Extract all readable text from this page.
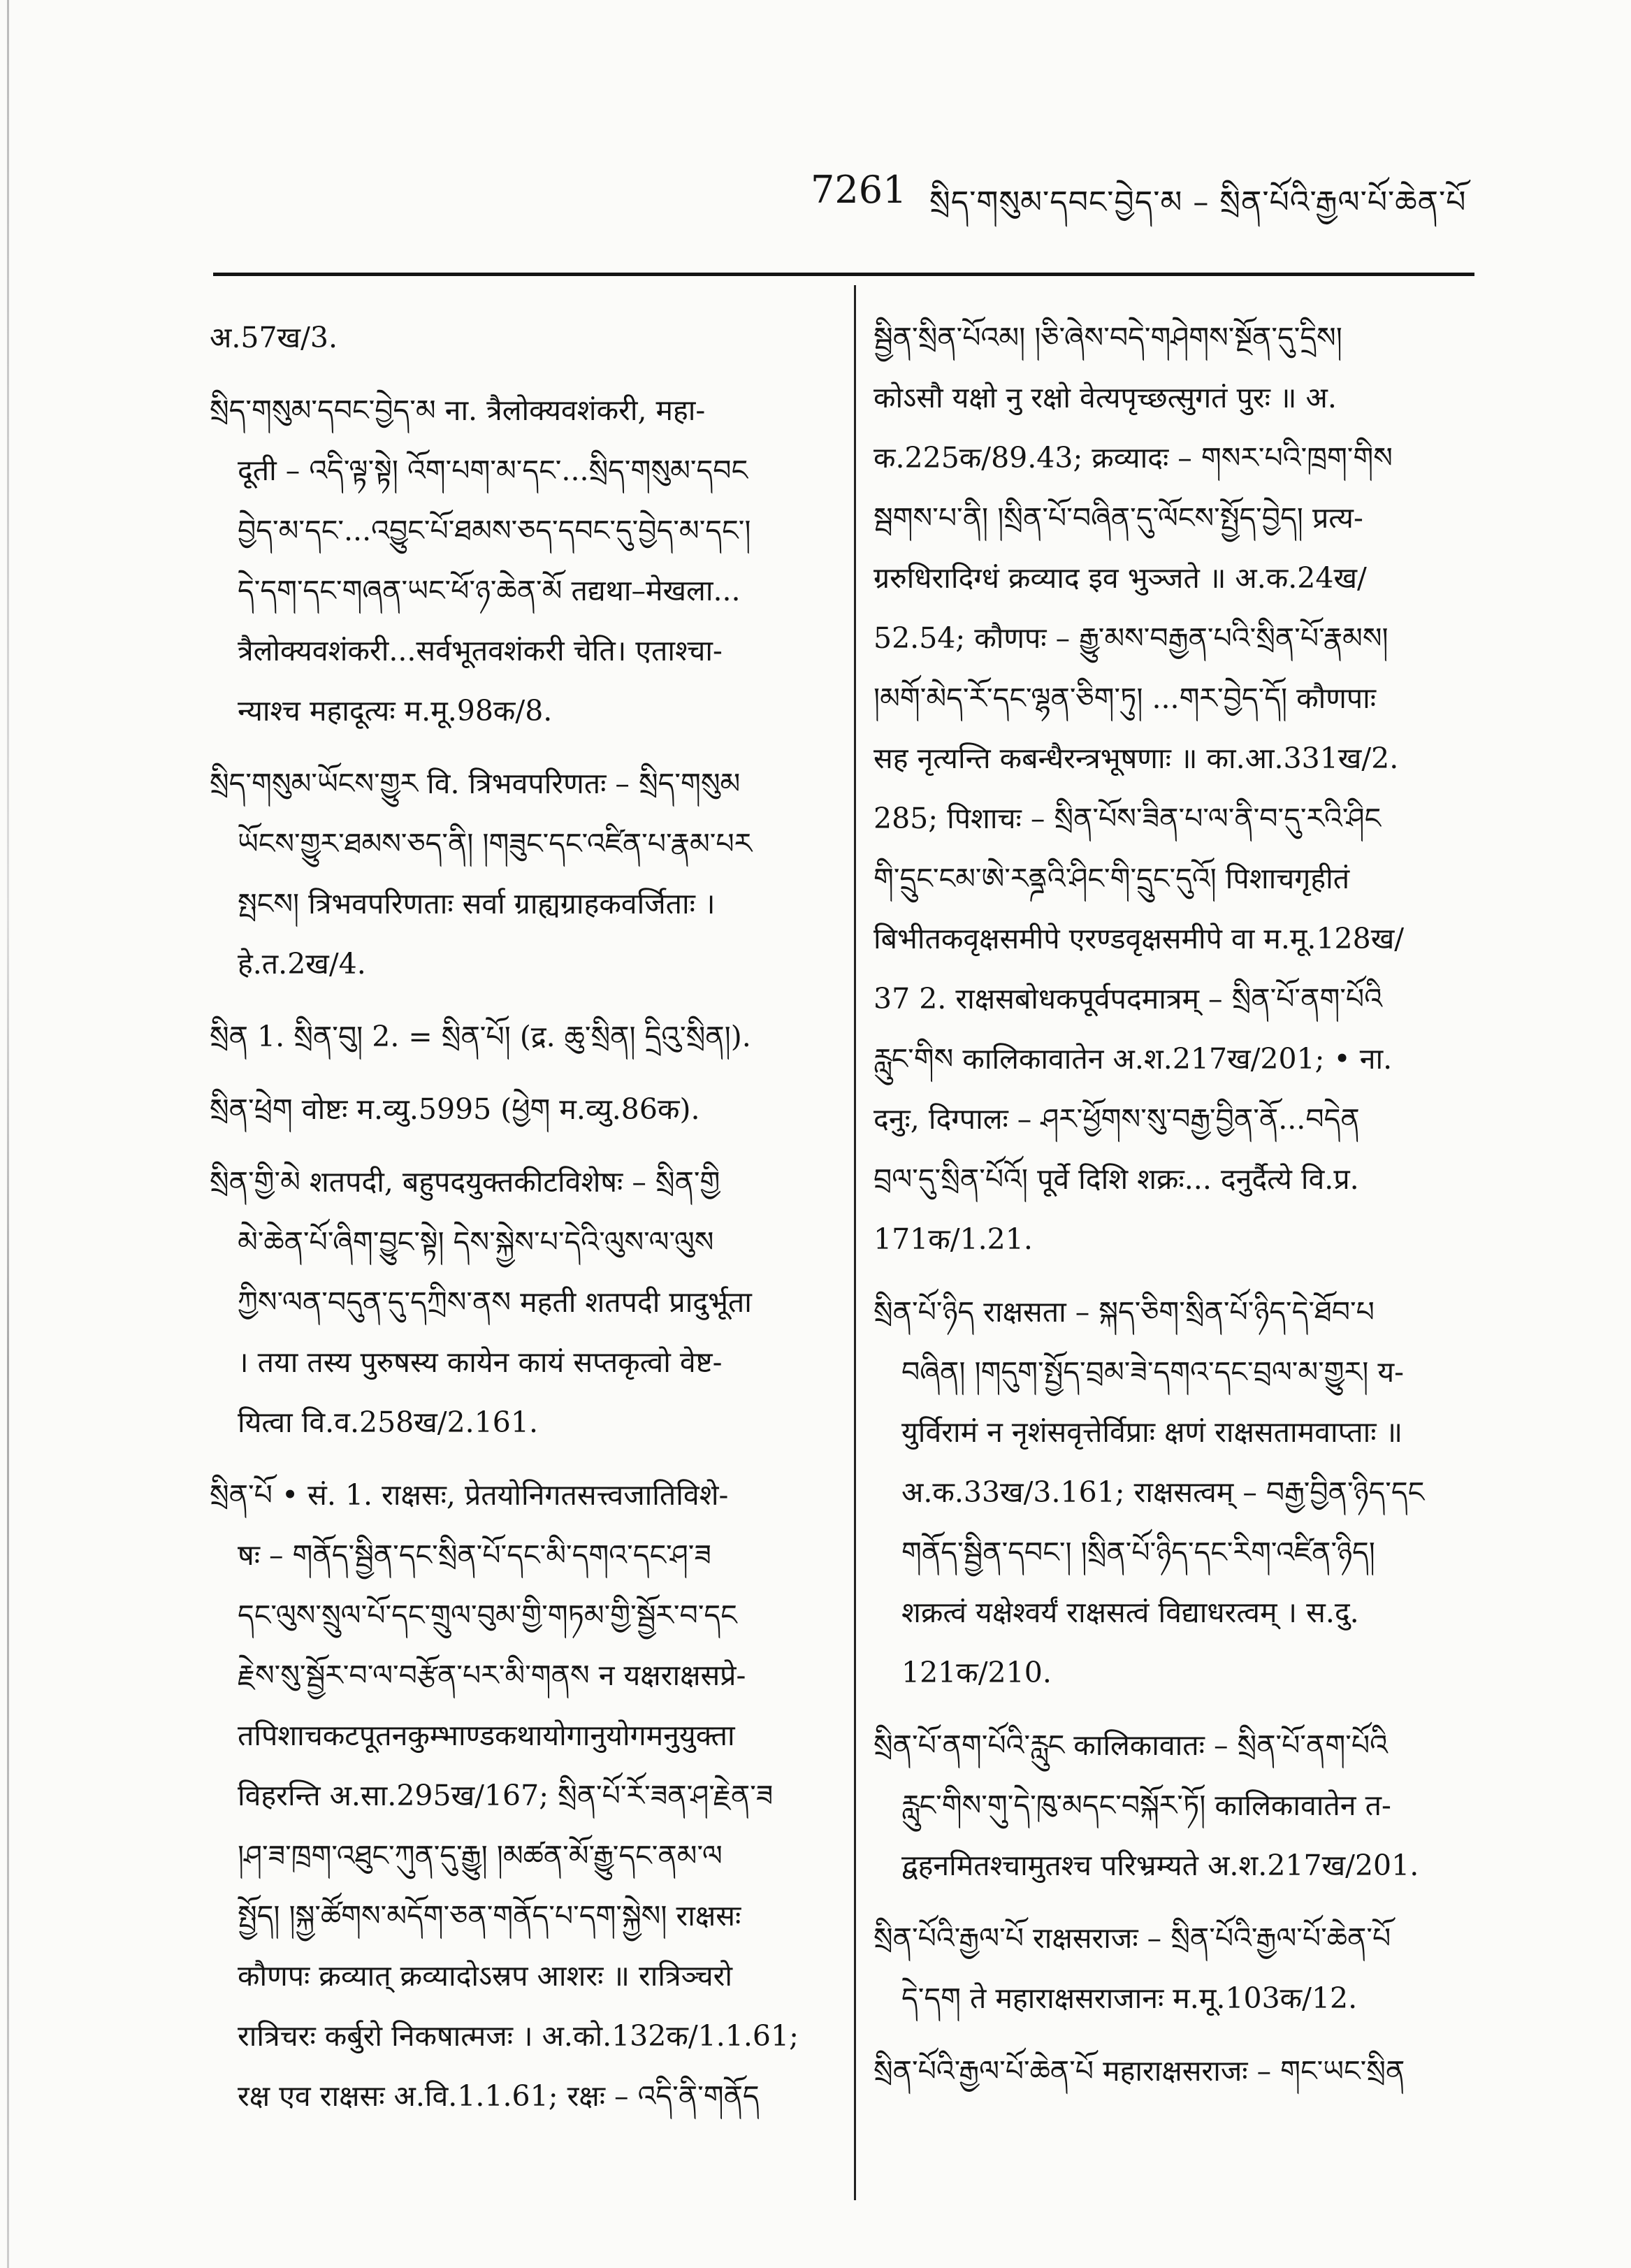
7261 སྲིད་གསུམ་དབང་བྱེད་མ – སྲིན་པོའི་རྒྱལ་པོ་ཆེན་པོ
अ.57ख/3.
སྲིད་གསུམ་དབང་བྱེད་མ ना. त्रैलोक्यवशंकरी, महा-
दूती – འདི་ལྟ་སྟེ། འོག་པག་མ་དང་...སྲིད་གསུམ་དབང
བྱེད་མ་དང་...འབྱུང་པོ་ཐམས་ཅད་དབང་དུ་བྱེད་མ་དང་།
དེ་དག་དང་གཞན་ཡང་ཕོ་ཉ་ཆེན་མོ तद्यथा–मेखला...
त्रैलोक्यवशंकरी...सर्वभूतवशंकरी चेति। एताश्चा-
न्याश्च महादूत्यः म.मू.98क/8.
སྲིད་གསུམ་ཡོངས་གྱུར वि. त्रिभवपरिणतः – སྲིད་གསུམ
ཡོངས་གྱུར་ཐམས་ཅད་ནི། །གཟུང་དང་འཛིན་པ་རྣམ་པར
སྤངས། त्रिभवपरिणताः सर्वा ग्राह्यग्राहकवर्जिताः ।
हे.त.2ख/4.
སྲིན 1. སྲིན་བུ། 2. = སྲིན་པོ། (द्र. ཆུ་སྲིན། དྲིའུ་སྲིན།).
སྲིན་ཕྲེག वोष्टः म.व्यु.5995 (ཕྱེག म.व्यु.86क).
སྲིན་གྱི་མེ शतपदी, बहुपदयुक्तकीटविशेषः – སྲིན་གྱི
མེ་ཆེན་པོ་ཞིག་བྱུང་སྟེ། དེས་སྐྱེས་པ་དེའི་ལུས་ལ་ལུས
ཀྱིས་ལན་བདུན་དུ་དཀྲིས་ནས महती शतपदी प्रादुर्भूता
। तया तस्य पुरुषस्य कायेन कायं सप्तकृत्वो वेष्ट-
यित्वा वि.व.258ख/2.161.
སྲིན་པོ • सं. 1. राक्षसः, प्रेतयोनिगतसत्त्वजातिविशे-
षः – གནོད་སྦྱིན་དང་སྲིན་པོ་དང་མི་དགའ་དང་ཤ་ཟ
དང་ལུས་སྲུལ་པོ་དང་གྲུལ་བུམ་གྱི་གཏམ་གྱི་སྦྱོར་བ་དང
རྗེས་སུ་སྦྱོར་བ་ལ་བརྩོན་པར་མི་གནས न यक्षराक्षसप्रे-
तपिशाचकटपूतनकुम्भाण्डकथायोगानुयोगमनुयुक्ता
विहरन्ति अ.सा.295ख/167; སྲིན་པོ་རོ་ཟན་ཤ་རྗེན་ཟ
།ཤ་ཟ་ཁྲག་འཐུང་ཀུན་དུ་རྒྱུ། །མཚན་མོ་རྒྱུ་དང་ནམ་ལ
སྤྱོད། །སྐྱ་ཚོགས་མདོག་ཅན་གནོད་པ་དག་སྐྱེས། राक्षसः
कौणपः क्रव्यात् क्रव्यादोऽस्रप आशरः ॥ रात्रिञ्चरो
रात्रिचरः कर्बुरो निकषात्मजः । अ.को.132क/1.1.61;
रक्ष एव राक्षसः अ.वि.1.1.61; रक्षः – འདི་ནི་གནོད
སྦྱིན་སྲིན་པོའམ། །ཅི་ཞེས་བདེ་གཤེགས་སྔོན་དུ་དྲིས།
कोऽसौ यक्षो नु रक्षो वेत्यपृच्छत्सुगतं पुरः ॥ अ.
क.225क/89.43; क्रव्यादः – གསར་པའི་ཁྲག་གིས
སྦགས་པ་ནི། །སྲིན་པོ་བཞིན་དུ་ལོངས་སྤྱོད་བྱེད། प्रत्य-
ग्ररुधिरादिग्धं क्रव्याद इव भुञ्जते ॥ अ.क.24ख/
52.54; कौणपः – རྒྱུ་མས་བརྒྱན་པའི་སྲིན་པོ་རྣམས།
།མགོ་མེད་རོ་དང་ལྷན་ཅིག་ཏུ། ...གར་བྱེད་དོ། कौणपाः
सह नृत्यन्ति कबन्धैरन्त्रभूषणाः ॥ का.आ.331ख/2.
285; पिशाचः – སྲིན་པོས་ཟིན་པ་ལ་ནི་བ་དུ་རའི་ཤིང
གི་དྲུང་ངམ་ཨེ་རནྜའི་ཤིང་གི་དྲུང་དུའོ། पिशाचगृहीतं
बिभीतकवृक्षसमीपे एरण्डवृक्षसमीपे वा म.मू.128ख/
37 2. राक्षसबोधकपूर्वपदमात्रम् – སྲིན་པོ་ནག་པོའི
རླུང་གིས कालिकावातेन अ.श.217ख/201; • ना.
दनुः, दिग्पालः – ཤར་ཕྱོགས་སུ་བརྒྱ་བྱིན་ནོ...བདེན
བྲལ་དུ་སྲིན་པོའོ། पूर्वे दिशि शक्रः... दनुर्दैत्ये वि.प्र.
171क/1.21.
སྲིན་པོ་ཉིད राक्षसता – སྐད་ཅིག་སྲིན་པོ་ཉིད་དེ་ཐོབ་པ
བཞིན། །གདུག་སྤྱོད་བྲམ་ཟེ་དགའ་དང་བྲལ་མ་གྱུར། य-
युर्विरामं न नृशंसवृत्तेर्विप्राः क्षणं राक्षसतामवाप्ताः ॥
अ.क.33ख/3.161; राक्षसत्वम् – བརྒྱ་བྱིན་ཉིད་དང
གནོད་སྦྱིན་དབང་། །སྲིན་པོ་ཉིད་དང་རིག་འཛིན་ཉིད།
शक्रत्वं यक्षेश्वर्यं राक्षसत्वं विद्याधरत्वम् । स.दु.
121क/210.
སྲིན་པོ་ནག་པོའི་རླུང कालिकावातः – སྲིན་པོ་ནག་པོའི
རླུང་གིས་གུ་དེ་ཁུ་མདང་བསྐོར་ཏོ། कालिकावातेन त-
द्वहनमितश्चामुतश्च परिभ्रम्यते अ.श.217ख/201.
སྲིན་པོའི་རྒྱལ་པོ राक्षसराजः – སྲིན་པོའི་རྒྱལ་པོ་ཆེན་པོ
དེ་དག ते महाराक्षसराजानः म.मू.103क/12.
སྲིན་པོའི་རྒྱལ་པོ་ཆེན་པོ महाराक्षसराजः – གང་ཡང་སྲིན
